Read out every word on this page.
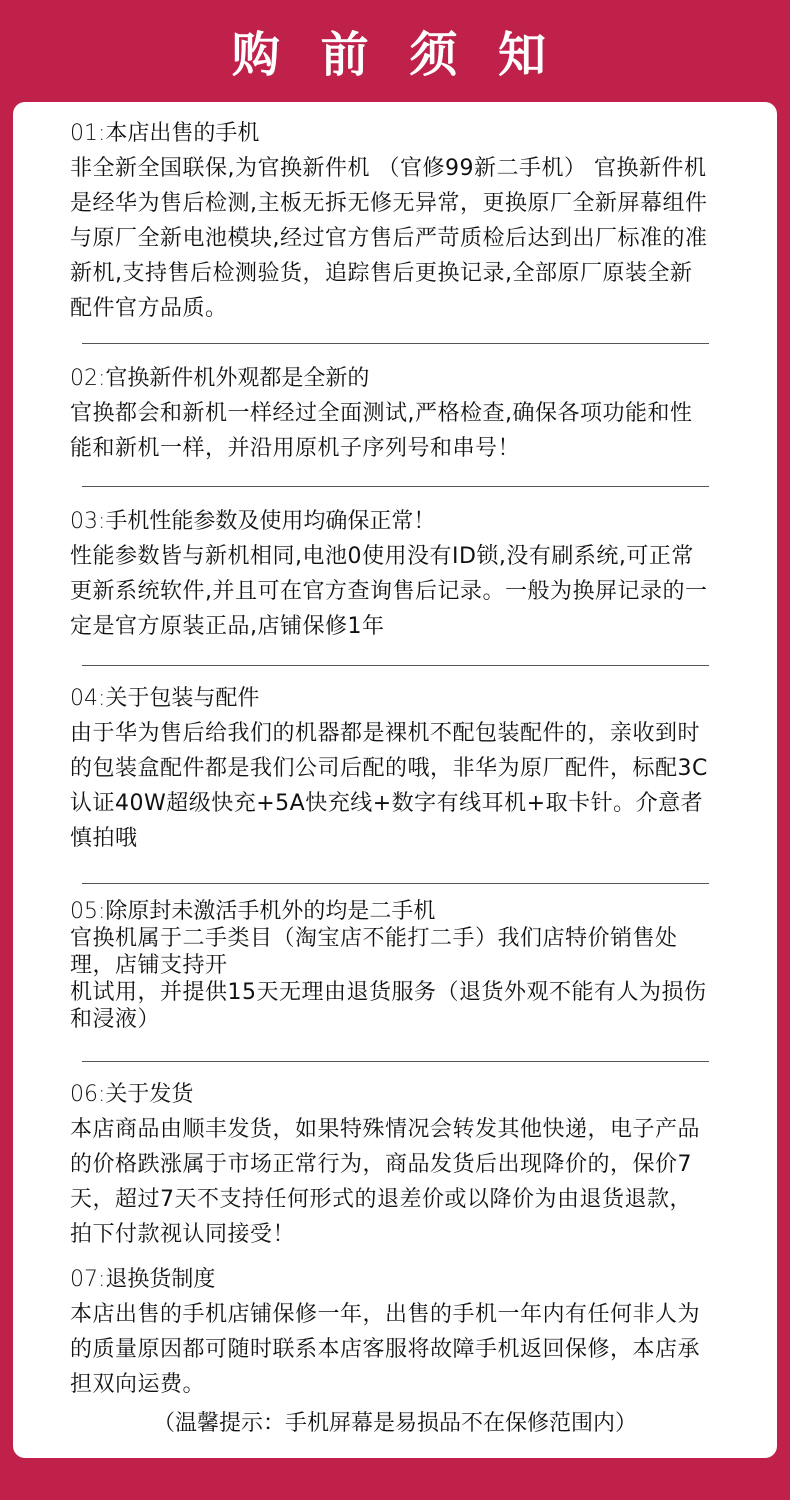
购 前 须 知
01:本店出售的手机
非全新全国联保,为官换新件机 （官修99新二手机） 官换新件机是经华为售后检测,主板无拆无修无异常，更换原厂全新屏幕组件与原厂全新电池模块,经过官方售后严苛质检后达到出厂标准的准新机,支持售后检测验货，追踪售后更换记录,全部原厂原装全新配件官方品质。
02:官换新件机外观都是全新的
官换都会和新机一样经过全面测试,严格检查,确保各项功能和性能和新机一样，并沿用原机子序列号和串号！
03:手机性能参数及使用均确保正常！
性能参数皆与新机相同,电池0使用没有ID锁,没有刷系统,可正常更新系统软件,并且可在官方查询售后记录。一般为换屏记录的一定是官方原装正品,店铺保修1年
04:关于包装与配件
由于华为售后给我们的机器都是裸机不配包装配件的，亲收到时的包装盒配件都是我们公司后配的哦，非华为原厂配件，标配3C认证40W超级快充+5A快充线+数字有线耳机+取卡针。介意者慎拍哦
05:除原封未激活手机外的均是二手机

官换机属于二手类目（淘宝店不能打二手）我们店特价销售处理，店铺支持开

机试用，并提供15天无理由退货服务（退货外观不能有人为损伤和浸液）

06:关于发货
本店商品由顺丰发货，如果特殊情况会转发其他快递，电子产品的价格跌涨属于市场正常行为，商品发货后出现降价的，保价7天，超过7天不支持任何形式的退差价或以降价为由退货退款，拍下付款视认同接受！
07:退换货制度
本店出售的手机店铺保修一年，出售的手机一年内有任何非人为的质量原因都可随时联系本店客服将故障手机返回保修，本店承担双向运费。
（温馨提示：手机屏幕是易损品不在保修范围内）
